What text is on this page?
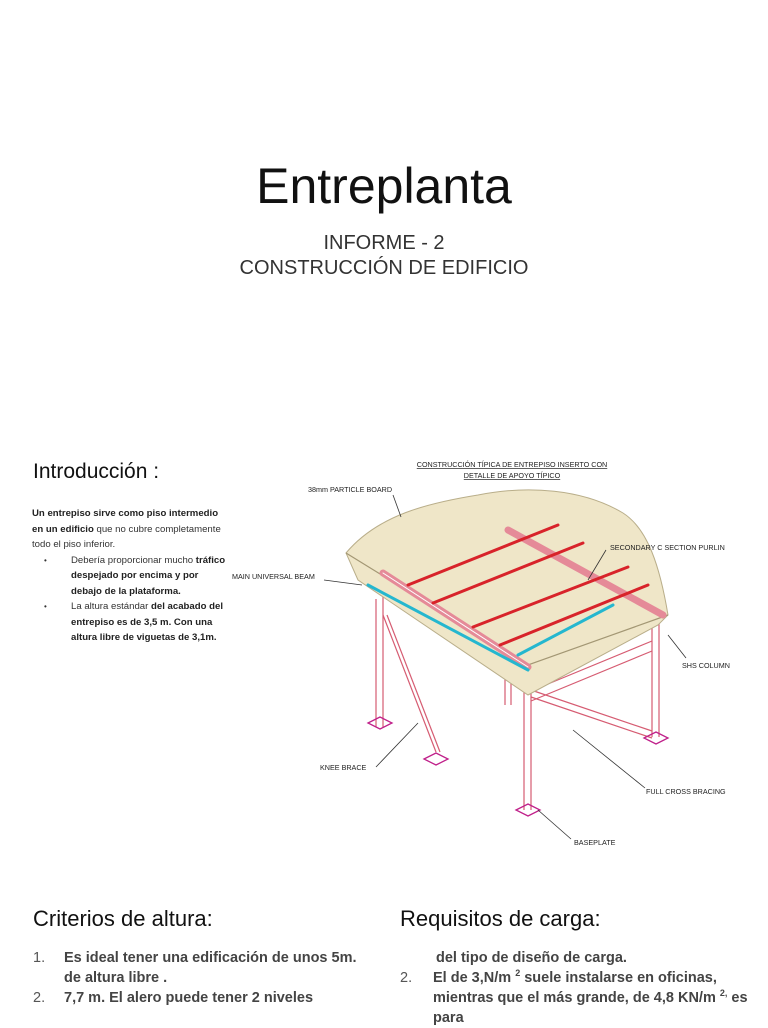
Entreplanta
INFORME - 2
CONSTRUCCIÓN DE EDIFICIO
Introducción :
Un entrepiso sirve como piso intermedio en un edificio que no cubre completamente todo el piso inferior.
• Debería proporcionar mucho tráfico despejado por encima y por debajo de la plataforma.
• La altura estándar del acabado del entrepiso es de 3,5 m. Con una altura libre de viguetas de 3,1m.
CONSTRUCCIÓN TÍPICA DE ENTREPISO INSERTO CON
DETALLE DE APOYO TÍPICO
38mm PARTICLE BOARD
SECONDARY C SECTION PURLIN
MAIN UNIVERSAL BEAM
SHS COLUMN
KNEE BRACE
FULL CROSS BRACING
BASEPLATE
Criterios de altura:
1. Es ideal tener una edificación de unos 5m. de altura libre .
2. 7,7 m. El alero puede tener 2 niveles
Requisitos de carga:
del tipo de diseño de carga.
2. El de 3,N/m $^2$ suele instalarse en oficinas, mientras que el más grande, de 4,8 KN/m $^{2,}$ es para
